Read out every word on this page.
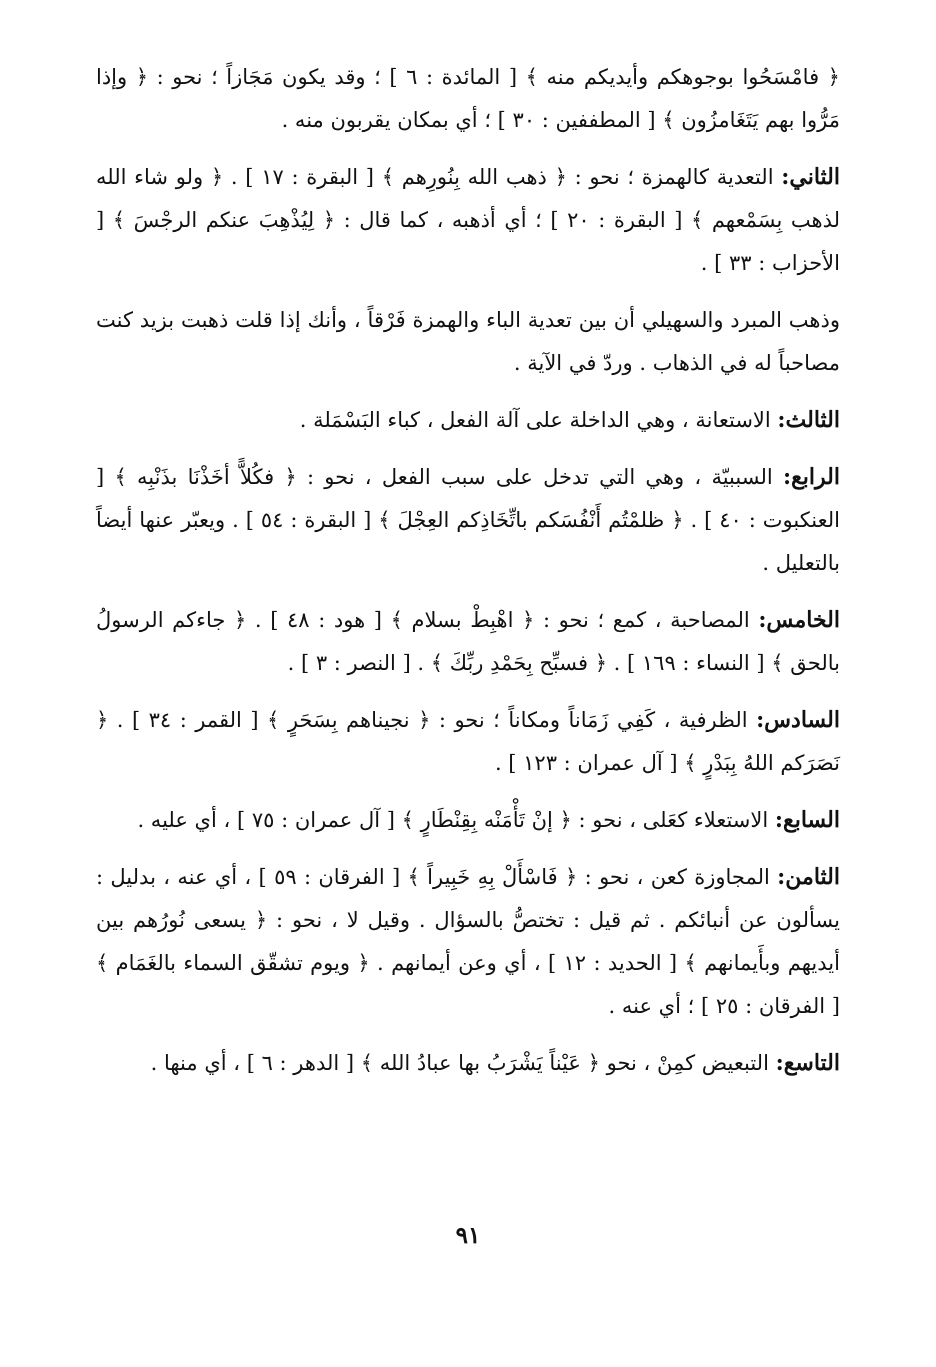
﴿ فامْسَحُوا بوجوهكم وأيديكم منه ﴾ [ المائدة : ٦ ] ؛ وقد يكون مَجَازاً ؛ نحو : ﴿ وإذا مَرُّوا بهم يَتَغَامزُون ﴾ [ المطففين : ٣٠ ] ؛ أي بمكان يقربون منه .

الثاني: التعدية كالهمزة ؛ نحو : ﴿ ذهب الله بِنُورِهم ﴾ [ البقرة : ١٧ ] . ﴿ ولو شاء الله لذهب بِسَمْعهم ﴾ [ البقرة : ٢٠ ] ؛ أي أذهبه ، كما قال : ﴿ لِيُذْهِبَ عنكم الرجْسَ ﴾ [ الأحزاب : ٣٣ ] .

وذهب المبرد والسهيلي أن بين تعدية الباء والهمزة فَرْقاً ، وأنك إذا قلت ذهبت بزيد كنت مصاحباً له في الذهاب . وردّ في الآية .

الثالث: الاستعانة ، وهي الداخلة على آلة الفعل ، كباء البَسْمَلة .

الرابع: السببيّة ، وهي التي تدخل على سبب الفعل ، نحو : ﴿ فكُلاًّ أخَذْنَا بذَنْبِه ﴾ [ العنكبوت : ٤٠ ] . ﴿ ظلمْتُم أَنْفُسَكم باتِّخَاذِكم العِجْلَ ﴾ [ البقرة : ٥٤ ] . ويعبّر عنها أيضاً بالتعليل .

الخامس: المصاحبة ، كمع ؛ نحو : ﴿ اهْبِطْ بسلام ﴾ [ هود : ٤٨ ] . ﴿ جاءكم الرسولُ بالحق ﴾ [ النساء : ١٦٩ ] . ﴿ فسبِّح بِحَمْدِ ربِّكَ ﴾ . [ النصر : ٣ ] .

السادس: الظرفية ، كَفِي زَمَاناً ومكاناً ؛ نحو : ﴿ نجيناهم بِسَحَرٍ ﴾ [ القمر : ٣٤ ] . ﴿ نَصَرَكم اللهُ بِبَدْرٍ ﴾ [ آل عمران : ١٢٣ ] .

السابع: الاستعلاء كعَلى ، نحو : ﴿ إنْ تَأْمَنْه بِقِنْطَارٍ ﴾ [ آل عمران : ٧٥ ] ، أي عليه .

الثامن: المجاوزة كعن ، نحو : ﴿ فَاسْأَلْ بِهِ خَبِيراً ﴾ [ الفرقان : ٥٩ ] ، أي عنه ، بدليل : يسألون عن أنبائكم . ثم قيل : تختصُّ بالسؤال . وقيل لا ، نحو : ﴿ يسعى نُورُهم بين أيديهم وبأَيمانهم ﴾ [ الحديد : ١٢ ] ، أي وعن أيمانهم . ﴿ ويوم تشقّق السماء بالغَمَام ﴾ [ الفرقان : ٢٥ ] ؛ أي عنه .

التاسع: التبعيض كمِنْ ، نحو ﴿ عَيْناً يَشْرَبُ بها عبادُ الله ﴾ [ الدهر : ٦ ] ، أي منها .

٩١
